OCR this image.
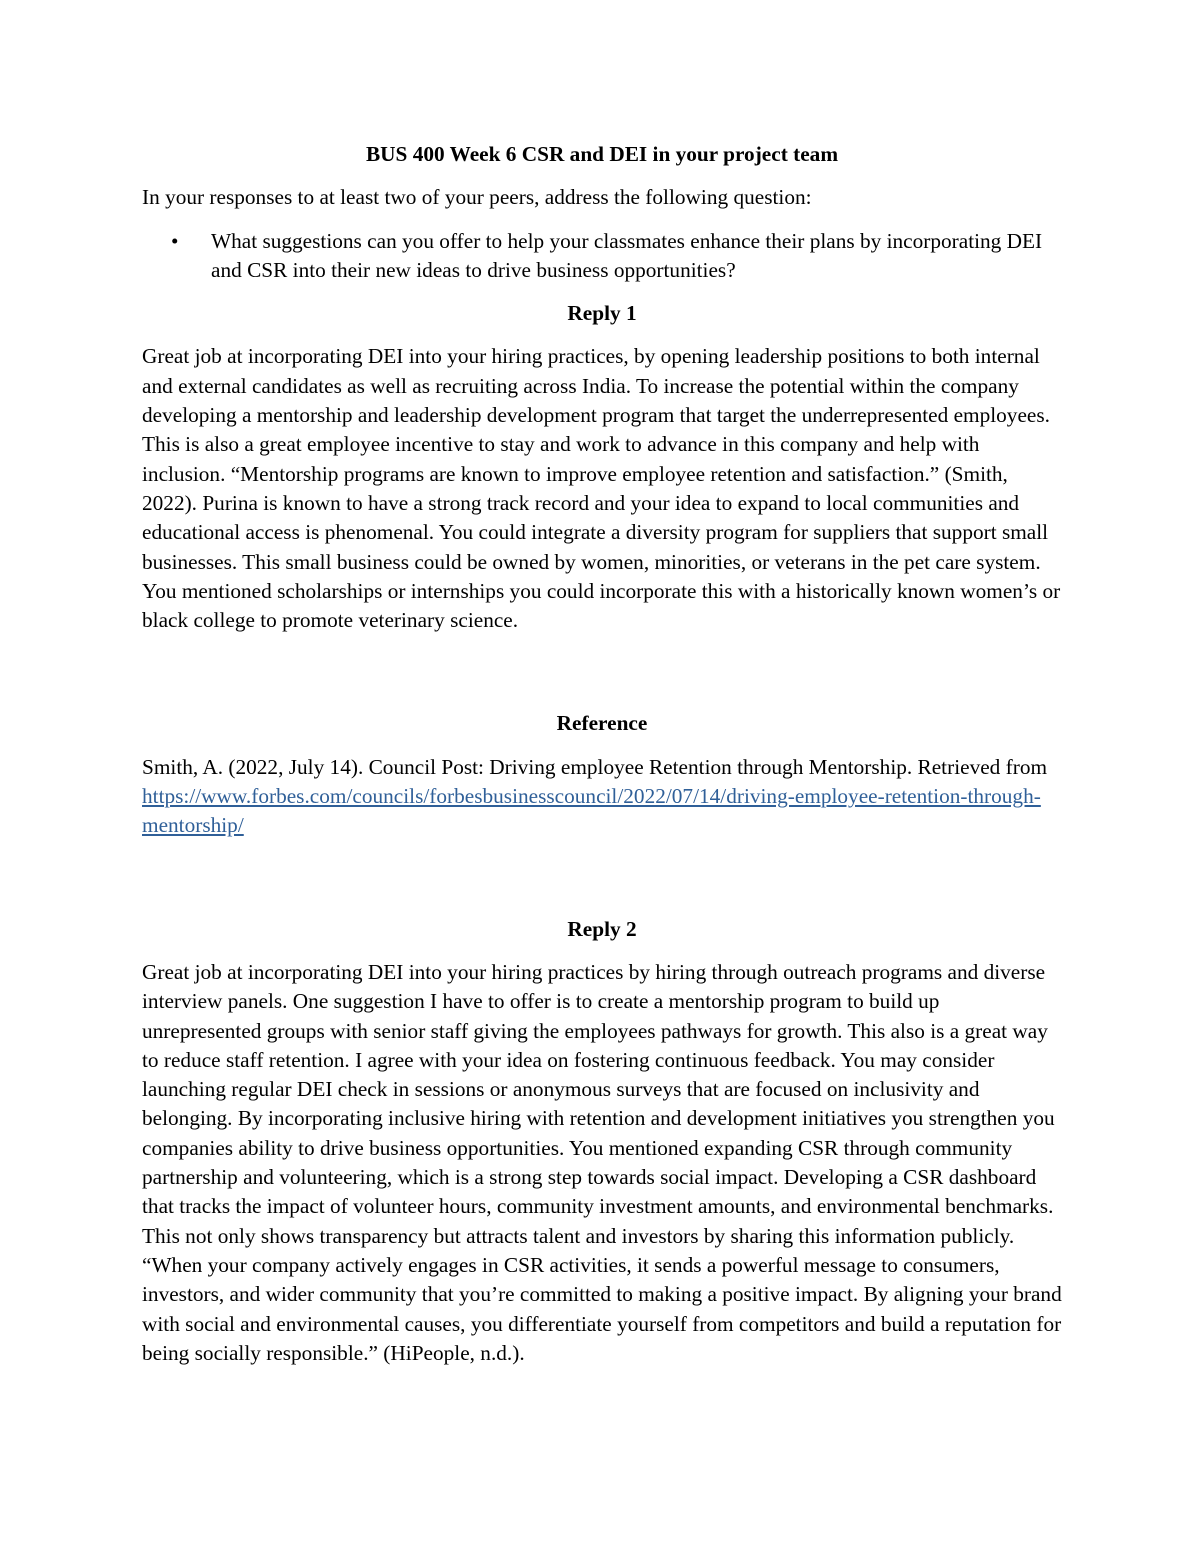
BUS 400 Week 6 CSR and DEI in your project team

In your responses to at least two of your peers, address the following question:

• What suggestions can you offer to help your classmates enhance their plans by incorporating DEI and CSR into their new ideas to drive business opportunities?

Reply 1

Great job at incorporating DEI into your hiring practices, by opening leadership positions to both internal and external candidates as well as recruiting across India. To increase the potential within the company developing a mentorship and leadership development program that target the underrepresented employees. This is also a great employee incentive to stay and work to advance in this company and help with inclusion. “Mentorship programs are known to improve employee retention and satisfaction.” (Smith, 2022). Purina is known to have a strong track record and your idea to expand to local communities and educational access is phenomenal. You could integrate a diversity program for suppliers that support small businesses. This small business could be owned by women, minorities, or veterans in the pet care system. You mentioned scholarships or internships you could incorporate this with a historically known women’s or black college to promote veterinary science.

Reference

Smith, A. (2022, July 14). Council Post: Driving employee Retention through Mentorship. Retrieved from https://www.forbes.com/councils/forbesbusinesscouncil/2022/07/14/driving-employee-retention-through-mentorship/

Reply 2

Great job at incorporating DEI into your hiring practices by hiring through outreach programs and diverse interview panels. One suggestion I have to offer is to create a mentorship program to build up unrepresented groups with senior staff giving the employees pathways for growth. This also is a great way to reduce staff retention. I agree with your idea on fostering continuous feedback. You may consider launching regular DEI check in sessions or anonymous surveys that are focused on inclusivity and belonging. By incorporating inclusive hiring with retention and development initiatives you strengthen you companies ability to drive business opportunities. You mentioned expanding CSR through community partnership and volunteering, which is a strong step towards social impact. Developing a CSR dashboard that tracks the impact of volunteer hours, community investment amounts, and environmental benchmarks. This not only shows transparency but attracts talent and investors by sharing this information publicly. “When your company actively engages in CSR activities, it sends a powerful message to consumers, investors, and wider community that you’re committed to making a positive impact. By aligning your brand with social and environmental causes, you differentiate yourself from competitors and build a reputation for being socially responsible.” (HiPeople, n.d.).
